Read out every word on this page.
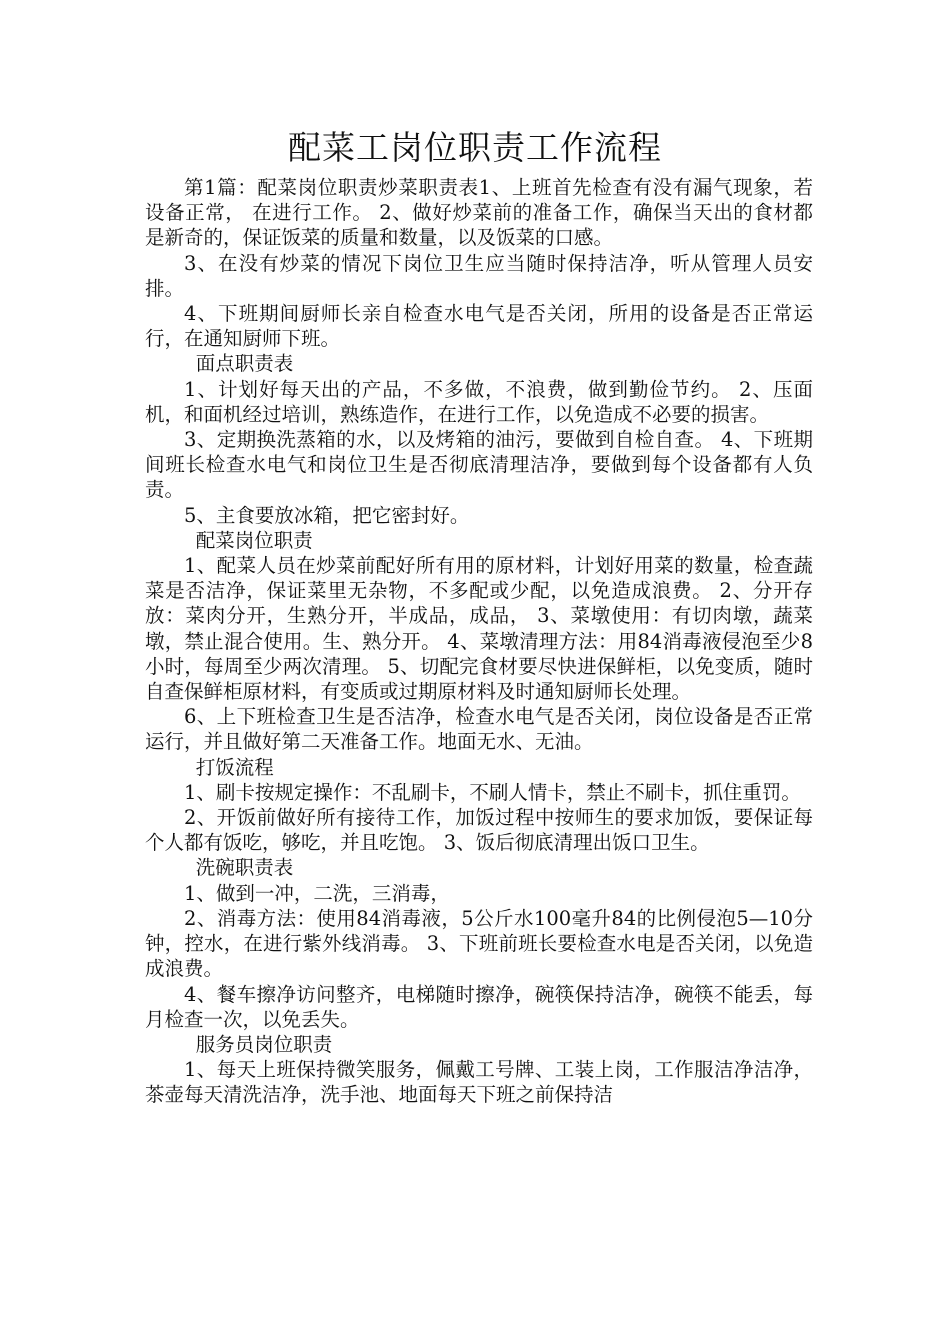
配菜工岗位职责工作流程

第1篇：配菜岗位职责炒菜职责表1、上班首先检查有没有漏气现象，若设备正常， 在进行工作。 2、做好炒菜前的准备工作，确保当天出的食材都是新奇的，保证饭菜的质量和数量，以及饭菜的口感。

3、在没有炒菜的情况下岗位卫生应当随时保持洁净，听从管理人员安排。

4、下班期间厨师长亲自检查水电气是否关闭，所用的设备是否正常运行，在通知厨师下班。

面点职责表

1、计划好每天出的产品，不多做，不浪费，做到勤俭节约。 2、压面机，和面机经过培训，熟练造作，在进行工作，以免造成不必要的损害。

3、定期换洗蒸箱的水，以及烤箱的油污，要做到自检自查。 4、下班期间班长检查水电气和岗位卫生是否彻底清理洁净，要做到每个设备都有人负责。

5、主食要放冰箱，把它密封好。

配菜岗位职责

1、配菜人员在炒菜前配好所有用的原材料，计划好用菜的数量，检查蔬菜是否洁净，保证菜里无杂物，不多配或少配，以免造成浪费。 2、分开存放：菜肉分开，生熟分开，半成品，成品， 3、菜墩使用：有切肉墩，蔬菜墩，禁止混合使用。生、熟分开。 4、菜墩清理方法：用84消毒液侵泡至少8小时，每周至少两次清理。 5、切配完食材要尽快进保鲜柜，以免变质，随时自查保鲜柜原材料，有变质或过期原材料及时通知厨师长处理。

6、上下班检查卫生是否洁净，检查水电气是否关闭，岗位设备是否正常运行，并且做好第二天准备工作。地面无水、无油。

打饭流程

1、刷卡按规定操作：不乱刷卡，不刷人情卡，禁止不刷卡，抓住重罚。

2、开饭前做好所有接待工作，加饭过程中按师生的要求加饭，要保证每个人都有饭吃，够吃，并且吃饱。 3、饭后彻底清理出饭口卫生。

洗碗职责表

1、做到一冲，二洗，三消毒，

2、消毒方法：使用84消毒液，5公斤水100毫升84的比例侵泡5—10分钟，控水，在进行紫外线消毒。 3、下班前班长要检查水电是否关闭，以免造成浪费。

4、餐车擦净访问整齐，电梯随时擦净，碗筷保持洁净，碗筷不能丢，每月检查一次，以免丢失。

服务员岗位职责

1、每天上班保持微笑服务，佩戴工号牌、工装上岗，工作服洁净洁净，茶壶每天清洗洁净，洗手池、地面每天下班之前保持洁
